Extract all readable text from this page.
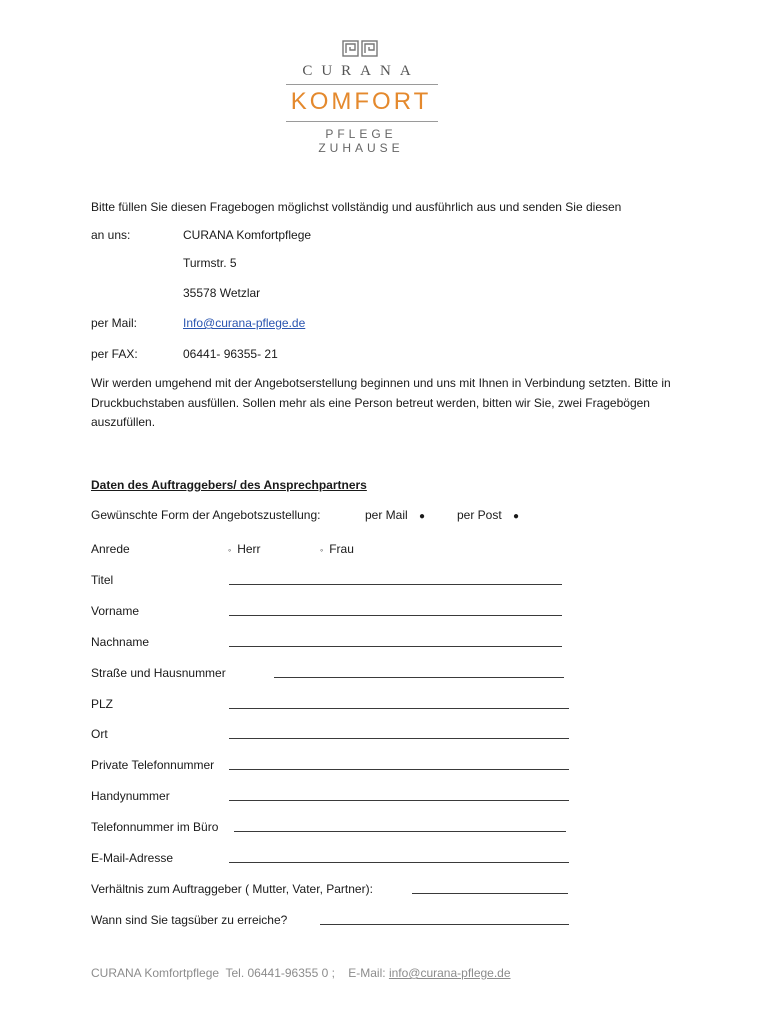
CURANA
KOMFORT
PFLEGE ZUHAUSE
Bitte füllen Sie diesen Fragebogen möglichst vollständig und ausführlich aus und senden Sie diesen
an uns:	CURANA Komfortpflege
Turmstr. 5
35578 Wetzlar
per Mail:	Info@curana-pflege.de
per FAX:	06441- 96355- 21
Wir werden umgehend mit der Angebotserstellung beginnen und uns mit Ihnen in Verbindung setzten. Bitte in Druckbuchstaben ausfüllen. Sollen mehr als eine Person betreut werden, bitten wir Sie, zwei Fragebögen auszufüllen.
Daten des Auftraggebers/ des Ansprechpartners
Gewünschte Form der Angebotszustellung:	per Mail ●	per Post ●
Anrede	◦ Herr	◦ Frau
Titel
Vorname
Nachname
Straße und Hausnummer
PLZ
Ort
Private Telefonnummer
Handynummer
Telefonnummer im Büro
E-Mail-Adresse
Verhältnis zum Auftraggeber ( Mutter, Vater, Partner):
Wann sind Sie tagsüber zu erreiche?
CURANA Komfortpflege  Tel. 06441-96355 0 ;    E-Mail: info@curana-pflege.de
